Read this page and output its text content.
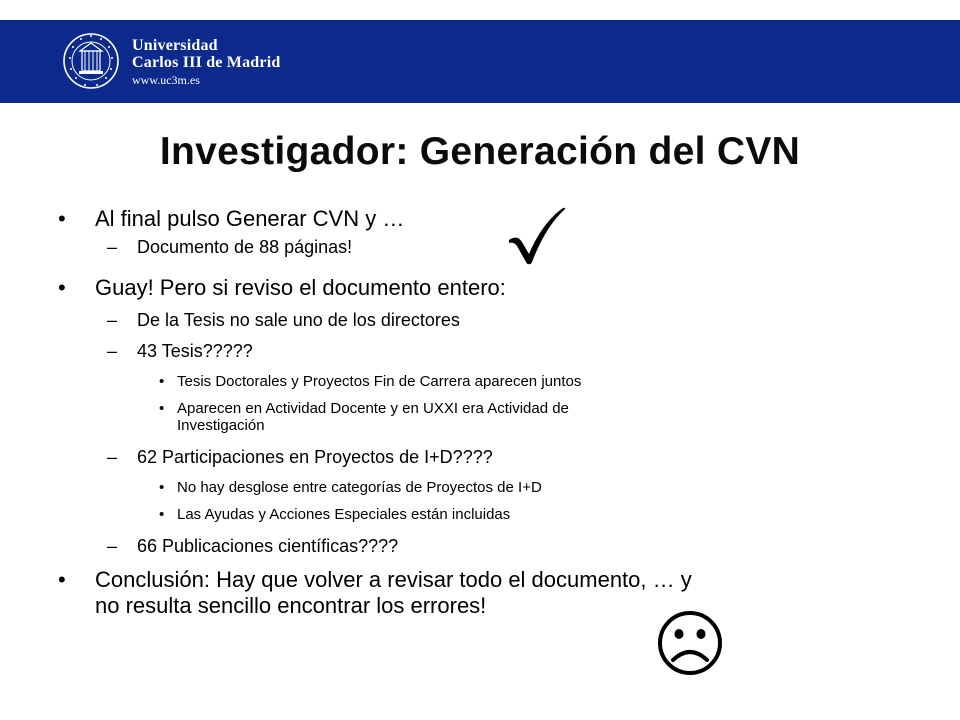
Universidad
Carlos III de Madrid
www.uc3m.es
Investigador: Generación del CVN
• Al final pulso Generar CVN y …
– Documento de 88 páginas!
• Guay! Pero si reviso el documento entero:
– De la Tesis no sale uno de los directores
– 43 Tesis?????
• Tesis Doctorales y Proyectos Fin de Carrera aparecen juntos
• Aparecen en Actividad Docente y en UXXI era Actividad de
Investigación
– 62 Participaciones en Proyectos de I+D????
• No hay desglose entre categorías de Proyectos de I+D
• Las Ayudas y Acciones Especiales están incluidas
– 66 Publicaciones científicas????
• Conclusión: Hay que volver a revisar todo el documento, … y
no resulta sencillo encontrar los errores!
